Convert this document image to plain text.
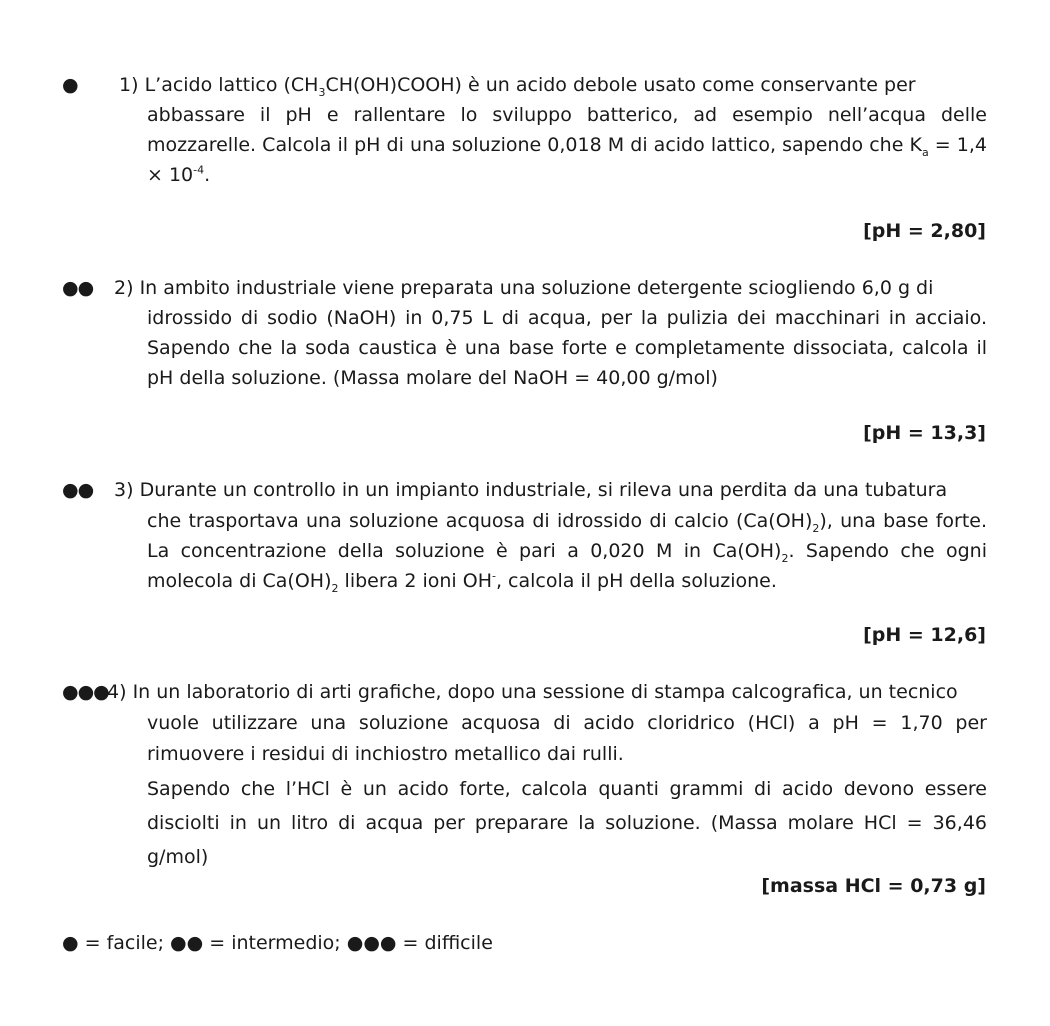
● 1) L’acido lattico $(CH_3CH(OH)COOH)$ è un acido debole usato come conservante per
abbassare il pH e rallentare lo sviluppo batterico, ad esempio nell’acqua delle mozzarelle. Calcola il pH di una soluzione 0,018 M di acido lattico, sapendo che $K_a = 1,4 \times 10^{-4}$.
[pH = 2,80]
●● 2) In ambito industriale viene preparata una soluzione detergente sciogliendo 6,0 g di
idrossido di sodio (NaOH) in 0,75 L di acqua, per la pulizia dei macchinari in acciaio. Sapendo che la soda caustica è una base forte e completamente dissociata, calcola il pH della soluzione. (Massa molare del NaOH = 40,00 g/mol)
[pH = 13,3]
●● 3) Durante un controllo in un impianto industriale, si rileva una perdita da una tubatura
che trasportava una soluzione acquosa di idrossido di calcio $(Ca(OH)_2)$, una base forte. La concentrazione della soluzione è pari a 0,020 M in $Ca(OH)_2$. Sapendo che ogni molecola di $Ca(OH)_2$ libera 2 ioni OH-, calcola il pH della soluzione.
[pH = 12,6]
●●●
4) In un laboratorio di arti grafiche, dopo una sessione di stampa calcografica, un tecnico
vuole utilizzare una soluzione acquosa di acido cloridrico (HCl) a pH = 1,70 per rimuovere i residui di inchiostro metallico dai rulli.
Sapendo che l’HCl è un acido forte, calcola quanti grammi di acido devono essere disciolti in un litro di acqua per preparare la soluzione. (Massa molare HCl = 36,46 g/mol)
[massa HCl = 0,73 g]
● = facile; ●● = intermedio; ●●● = difficile
